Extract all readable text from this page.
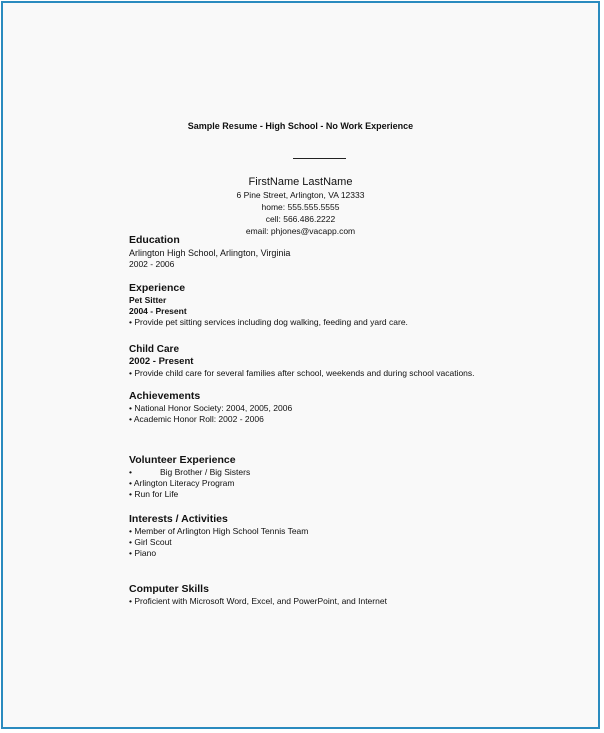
Sample Resume - High School - No Work Experience
FirstName LastName
6 Pine Street, Arlington, VA 12333
home: 555.555.5555
cell: 566.486.2222
email: phjones@vacapp.com
Education
Arlington High School, Arlington, Virginia
2002 - 2006
Experience
Pet Sitter
2004 - Present
• Provide pet sitting services including dog walking, feeding and yard care.
Child Care
2002 - Present
• Provide child care for several families after school, weekends and during school vacations.
Achievements
• National Honor Society: 2004, 2005, 2006
• Academic Honor Roll: 2002 - 2006
Volunteer Experience
•	Big Brother / Big Sisters
• Arlington Literacy Program
• Run for Life
Interests / Activities
• Member of Arlington High School Tennis Team
• Girl Scout
• Piano
Computer Skills
• Proficient with Microsoft Word, Excel, and PowerPoint, and Internet
